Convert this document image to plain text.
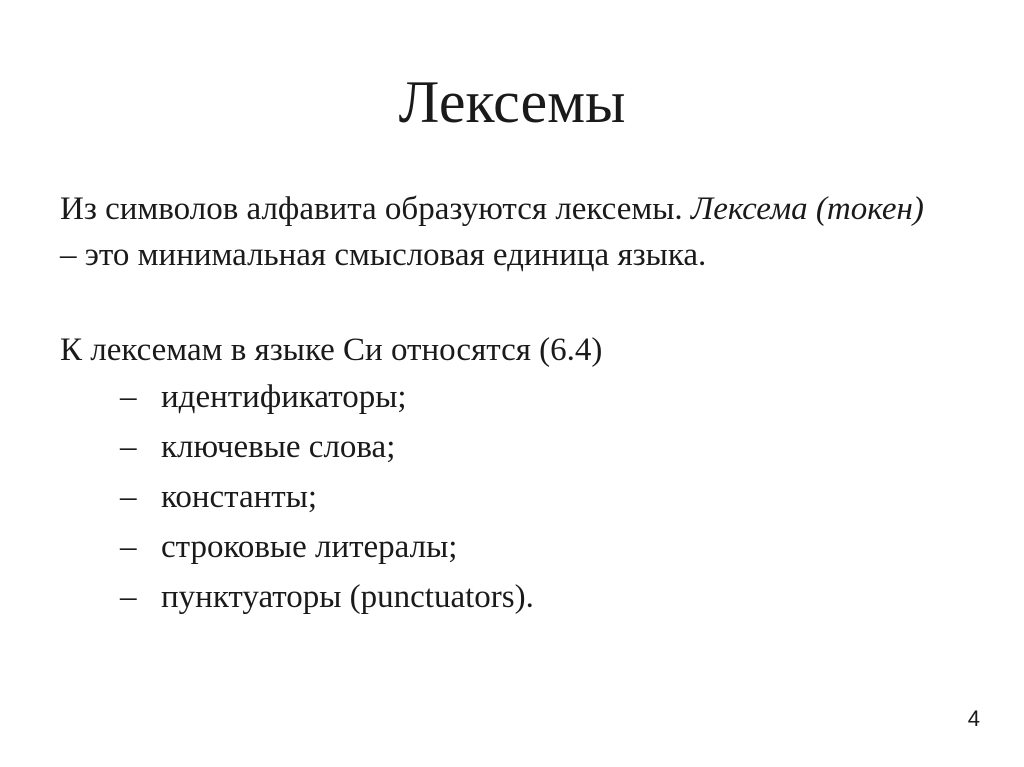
Лексемы

Из символов алфавита образуются лексемы. Лексема (токен)
– это минимальная смысловая единица языка.

К лексемам в языке Си относятся (6.4)

– идентификаторы;
– ключевые слова;
– константы;
– строковые литералы;
– пунктуаторы (punctuators).
4
